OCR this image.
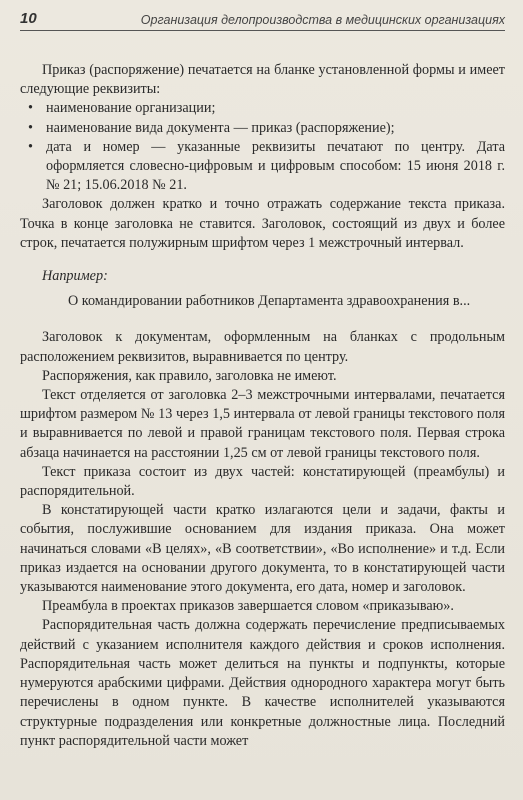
10	Организация делопроизводства в медицинских организациях

Приказ (распоряжение) печатается на бланке установленной формы и имеет следующие реквизиты:

• наименование организации;
• наименование вида документа — приказ (распоряжение);
• дата и номер — указанные реквизиты печатают по центру. Дата оформляется словесно-цифровым и цифровым способом: 15 июня 2018 г. № 21; 15.06.2018 № 21.

Заголовок должен кратко и точно отражать содержание текста приказа. Точка в конце заголовка не ставится. Заголовок, состоящий из двух и более строк, печатается полужирным шрифтом через 1 межстрочный интервал.

Например:

О командировании работников Департамента здравоохранения в...

Заголовок к документам, оформленным на бланках с продольным расположением реквизитов, выравнивается по центру.

Распоряжения, как правило, заголовка не имеют.

Текст отделяется от заголовка 2–3 межстрочными интервалами, печатается шрифтом размером № 13 через 1,5 интервала от левой границы текстового поля и выравнивается по левой и правой границам текстового поля. Первая строка абзаца начинается на расстоянии 1,25 см от левой границы текстового поля.

Текст приказа состоит из двух частей: констатирующей (преамбулы) и распорядительной.

В констатирующей части кратко излагаются цели и задачи, факты и события, послужившие основанием для издания приказа. Она может начинаться словами «В целях», «В соответствии», «Во исполнение» и т.д. Если приказ издается на основании другого документа, то в констатирующей части указываются наименование этого документа, его дата, номер и заголовок.

Преамбула в проектах приказов завершается словом «приказываю».

Распорядительная часть должна содержать перечисление предписываемых действий с указанием исполнителя каждого действия и сроков исполнения. Распорядительная часть может делиться на пункты и подпункты, которые нумеруются арабскими цифрами. Действия однородного характера могут быть перечислены в одном пункте. В качестве исполнителей указываются структурные подразделения или конкретные должностные лица. Последний пункт распорядительной части может
